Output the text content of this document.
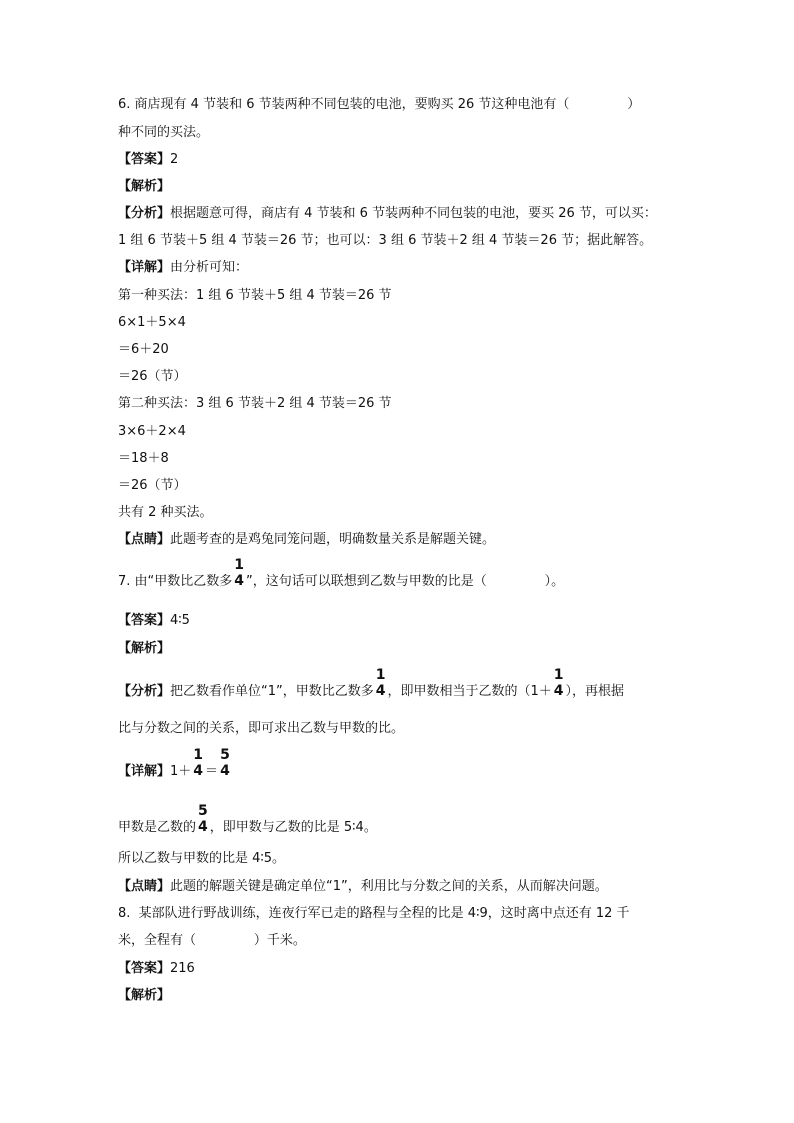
6. 商店现有 4 节装和 6 节装两种不同包装的电池，要购买 26 节这种电池有（              ）
种不同的买法。
【答案】2
【解析】
【分析】根据题意可得，商店有 4 节装和 6 节装两种不同包装的电池，要买 26 节，可以买：
1 组 6 节装＋5 组 4 节装＝26 节；也可以：3 组 6 节装＋2 组 4 节装＝26 节；据此解答。
【详解】由分析可知：
第一种买法：1 组 6 节装＋5 组 4 节装＝26 节
6×1＋5×4
＝6＋20
＝26（节）
第二种买法：3 组 6 节装＋2 组 4 节装＝26 节
3×6＋2×4
＝18＋8
＝26（节）
共有 2 种买法。
【点睛】此题考查的是鸡兔同笼问题，明确数量关系是解题关键。
7. 由“甲数比乙数多
1
4 ”，这句话可以联想到乙数与甲数的比是（              ）。
【答案】4∶5
【解析】
【分析】把乙数看作单位“1”，甲数比乙数多
1
4 ，即甲数相当于乙数的（1＋
1
4 ），再根据
比与分数之间的关系，即可求出乙数与甲数的比。
【详解】1＋
1
4 ＝
5
4
甲数是乙数的
5
4 ，即甲数与乙数的比是 5∶4。
所以乙数与甲数的比是 4∶5。
【点睛】此题的解题关键是确定单位“1”，利用比与分数之间的关系，从而解决问题。
8.  某部队进行野战训练，连夜行军已走的路程与全程的比是 4∶9，这时离中点还有 12 千
米，全程有（              ）千米。
【答案】216
【解析】
